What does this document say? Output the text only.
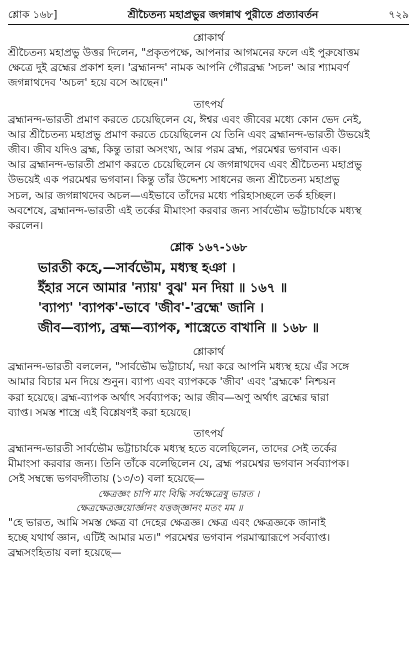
শ্লোক ১৬৮]	শ্রীচৈতন্য মহাপ্রভুর জগন্নাথ পুরীতে প্রত্যাবর্তন	৭২৯
শ্লোকার্থ
শ্রীচৈতন্য মহাপ্রভু উত্তর দিলেন, "প্রকৃতপক্ষে, আপনার আগমনের ফলে এই পুরুষোত্তম
ক্ষেত্রে দুই ব্রহ্মের প্রকাশ হল। 'ব্রহ্মানন্দ' নামক আপনি গৌরব্রহ্ম 'সচল' আর শ্যামবর্ণ
জগন্নাথদেব 'অচল' হয়ে বসে আছেন।"
তাৎপর্য
ব্রহ্মানন্দ-ভারতী প্রমাণ করতে চেয়েছিলেন যে, ঈশ্বর এবং জীবের মধ্যে কোন ভেদ নেই,
আর শ্রীচৈতন্য মহাপ্রভু প্রমাণ করতে চেয়েছিলেন যে তিনি এবং ব্রহ্মানন্দ-ভারতী উভয়েই
জীব। জীব যদিও ব্রহ্ম, কিন্তু তারা অসংখ্য, আর পরম ব্রহ্ম, পরমেশ্বর ভগবান এক।
আর ব্রহ্মানন্দ-ভারতী প্রমাণ করতে চেয়েছিলেন যে জগন্নাথদেব এবং শ্রীচৈতন্য মহাপ্রভু
উভয়েই এক পরমেশ্বর ভগবান। কিন্তু তাঁর উদ্দেশ্য সাধনের জন্য শ্রীচৈতন্য মহাপ্রভু
সচল, আর জগন্নাথদেব অচল—এইভাবে তাঁদের মধ্যে পরিহাসচ্ছলে তর্ক হচ্ছিল।
অবশেষে, ব্রহ্মানন্দ-ভারতী এই তর্কের মীমাংসা করবার জন্য সার্বভৌম ভট্টাচার্যকে মধ্যস্থ
করলেন।
শ্লোক ১৬৭-১৬৮
ভারতী কহে,—সার্বভৌম, মধ্যস্থ হঞা ।
ইঁহার সনে আমার 'ন্যায়' বুঝ' মন দিয়া ॥ ১৬৭ ॥
'ব্যাপ্য' 'ব্যাপক'-ভাবে 'জীব'-'ব্রহ্মে' জানি ।
জীব—ব্যাপ্য, ব্রহ্ম—ব্যাপক, শাস্ত্রেতে বাখানি ॥ ১৬৮ ॥
শ্লোকার্থ
ব্রহ্মানন্দ-ভারতী বললেন, "সার্বভৌম ভট্টাচার্য, দয়া করে আপনি মধ্যস্থ হয়ে এঁর সঙ্গে
আমার বিচার মন দিয়ে শুনুন। ব্যাপ্য এবং ব্যাপককে 'জীব' এবং 'ব্রহ্মকে' নিশ্চয়ন
করা হয়েছে। ব্রহ্ম-ব্যাপক অর্থাৎ সর্বব্যাপক; আর জীব—অণু অর্থাৎ ব্রহ্মের দ্বারা
ব্যাপ্ত। সমস্ত শাস্ত্রে এই বিশ্লেষণই করা হয়েছে।
তাৎপর্য
ব্রহ্মানন্দ-ভারতী সার্বভৌম ভট্টাচার্যকে মধ্যস্থ হতে বলেছিলেন, তাদের সেই তর্কের
মীমাংসা করবার জন্য। তিনি তাঁকে বলেছিলেন যে, ব্রহ্ম পরমেশ্বর ভগবান সর্বব্যাপক।
সেই সম্বন্ধে ভগবদ্গীতায় (১৩/৩) বলা হয়েছে—
ক্ষেত্রজ্ঞং চাপি মাং বিদ্ধি সর্বক্ষেত্রেষু ভারত ।
ক্ষেত্রক্ষেত্রজ্ঞয়োর্জ্ঞানং যত্তজ্জ্ঞানং মতং মম ॥
"হে ভারত, আমি সমস্ত ক্ষেত্র বা দেহের ক্ষেত্রজ্ঞ। ক্ষেত্র এবং ক্ষেত্রজ্ঞকে জানাই
হচ্ছে যথার্থ জ্ঞান, এটিই আমার মত।" পরমেশ্বর ভগবান পরমাত্মারূপে সর্বব্যাপ্ত।
ব্রহ্মসংহিতায় বলা হয়েছে—
